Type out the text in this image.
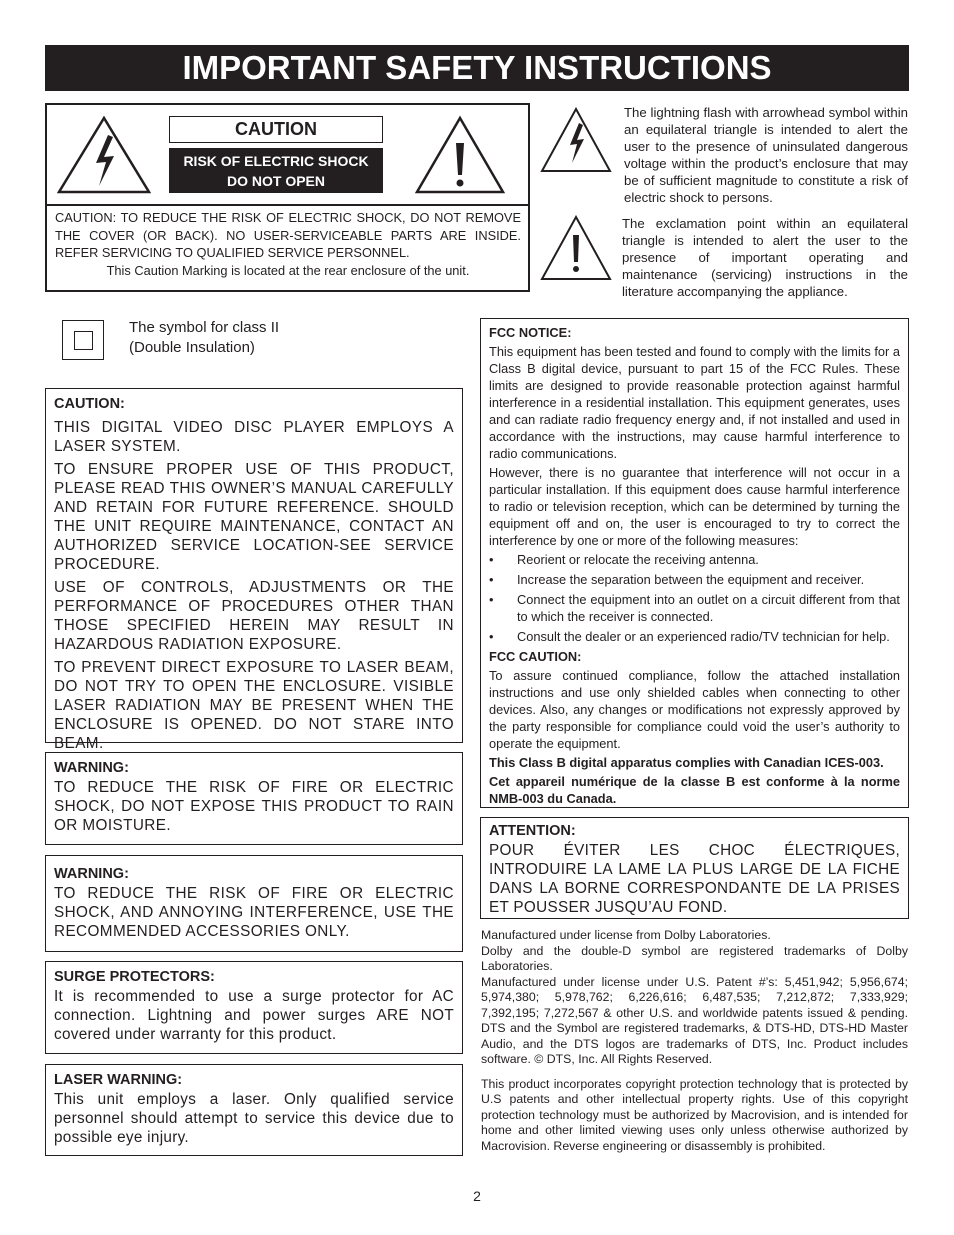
IMPORTANT SAFETY INSTRUCTIONS
CAUTION
RISK OF ELECTRIC SHOCK
DO NOT OPEN
CAUTION: TO REDUCE THE RISK OF ELECTRIC SHOCK, DO NOT REMOVE THE COVER (OR BACK). NO USER-SERVICEABLE PARTS ARE INSIDE. REFER SERVICING TO QUALIFIED SERVICE PERSONNEL.
This Caution Marking is located at the rear enclosure of the unit.
The lightning flash with arrowhead symbol within an equilateral triangle is intended to alert the user to the presence of uninsulated dangerous voltage within the product’s enclosure that may be of sufficient magnitude to constitute a risk of electric shock to persons.
The exclamation point within an equilateral triangle is intended to alert the user to the presence of important operating and maintenance (servicing) instructions in the literature accompanying the appliance.
The symbol for class II
(Double Insulation)
CAUTION:

THIS DIGITAL VIDEO DISC PLAYER EMPLOYS A LASER SYSTEM.

TO ENSURE PROPER USE OF THIS PRODUCT, PLEASE READ THIS OWNER’S MANUAL CAREFULLY AND RETAIN FOR FUTURE REFERENCE. SHOULD THE UNIT REQUIRE MAINTENANCE, CONTACT AN AUTHORIZED SERVICE LOCATION-SEE SERVICE PROCEDURE.

USE OF CONTROLS, ADJUSTMENTS OR THE PERFORMANCE OF PROCEDURES OTHER THAN THOSE SPECIFIED HEREIN MAY RESULT IN HAZARDOUS RADIATION EXPOSURE.

TO PREVENT DIRECT EXPOSURE TO LASER BEAM, DO NOT TRY TO OPEN THE ENCLOSURE. VISIBLE LASER RADIATION MAY BE PRESENT WHEN THE ENCLOSURE IS OPENED. DO NOT STARE INTO BEAM.

WARNING:

TO REDUCE THE RISK OF FIRE OR ELECTRIC SHOCK, DO NOT EXPOSE THIS PRODUCT TO RAIN OR MOISTURE.

WARNING:

TO REDUCE THE RISK OF FIRE OR ELECTRIC SHOCK, AND ANNOYING INTERFERENCE, USE THE RECOMMENDED ACCESSORIES ONLY.

SURGE PROTECTORS:

It is recommended to use a surge protector for AC connection. Lightning and power surges ARE NOT covered under warranty for this product.

LASER WARNING:

This unit employs a laser. Only qualified service personnel should attempt to service this device due to possible eye injury.

FCC NOTICE:

This equipment has been tested and found to comply with the limits for a Class B digital device, pursuant to part 15 of the FCC Rules. These limits are designed to provide reasonable protection against harmful interference in a residential installation. This equipment generates, uses and can radiate radio frequency energy and, if not installed and used in accordance with the instructions, may cause harmful interference to radio communications.

However, there is no guarantee that interference will not occur in a particular installation. If this equipment does cause harmful interference to radio or television reception, which can be determined by turning the equipment off and on, the user is encouraged to try to correct the interference by one or more of the following measures:

• Reorient or relocate the receiving antenna.
• Increase the separation between the equipment and receiver.
• Connect the equipment into an outlet on a circuit different from that to which the receiver is connected.
• Consult the dealer or an experienced radio/TV technician for help.
FCC CAUTION:

To assure continued compliance, follow the attached installation instructions and use only shielded cables when connecting to other devices. Also, any changes or modifications not expressly approved by the party responsible for compliance could void the user’s authority to operate the equipment.

This Class B digital apparatus complies with Canadian ICES-003.

Cet appareil numérique de la classe B est conforme à la norme NMB-003 du Canada.

ATTENTION:

POUR ÉVITER LES CHOC ÉLECTRIQUES, INTRODUIRE LA LAME LA PLUS LARGE DE LA FICHE DANS LA BORNE CORRESPONDANTE DE LA PRISES ET POUSSER JUSQU’AU FOND.

Manufactured under license from Dolby Laboratories.
Dolby and the double-D symbol are registered trademarks of Dolby Laboratories.
Manufactured under license under U.S. Patent #’s: 5,451,942; 5,956,674; 5,974,380; 5,978,762; 6,226,616; 6,487,535; 7,212,872; 7,333,929; 7,392,195; 7,272,567 & other U.S. and worldwide patents issued & pending. DTS and the Symbol are registered trademarks, & DTS-HD, DTS-HD Master Audio, and the DTS logos are trademarks of DTS, Inc. Product includes software. © DTS, Inc. All Rights Reserved.
This product incorporates copyright protection technology that is protected by U.S patents and other intellectual property rights. Use of this copyright protection technology must be authorized by Macrovision, and is intended for home and other limited viewing uses only unless otherwise authorized by Macrovision. Reverse engineering or disassembly is prohibited.
2
